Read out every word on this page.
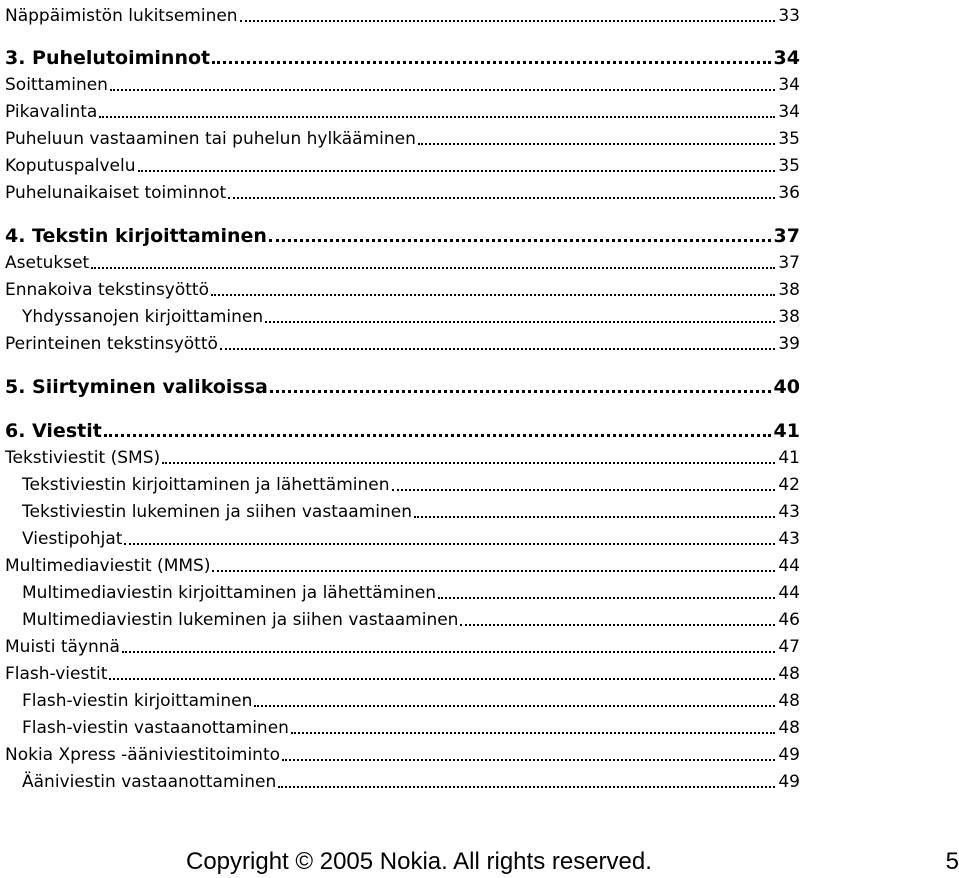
Näppäimistön lukitseminen	33
3. Puhelutoiminnot	34
Soittaminen	34
Pikavalinta	34
Puheluun vastaaminen tai puhelun hylkääminen	35
Koputuspalvelu	35
Puhelunaikaiset toiminnot	36
4. Tekstin kirjoittaminen	37
Asetukset	37
Ennakoiva tekstinsyöttö	38
Yhdyssanojen kirjoittaminen	38
Perinteinen tekstinsyöttö	39
5. Siirtyminen valikoissa	40
6. Viestit	41
Tekstiviestit (SMS)	41
Tekstiviestin kirjoittaminen ja lähettäminen	42
Tekstiviestin lukeminen ja siihen vastaaminen	43
Viestipohjat	43
Multimediaviestit (MMS)	44
Multimediaviestin kirjoittaminen ja lähettäminen	44
Multimediaviestin lukeminen ja siihen vastaaminen	46
Muisti täynnä	47
Flash-viestit	48
Flash-viestin kirjoittaminen	48
Flash-viestin vastaanottaminen	48
Nokia Xpress -ääniviestitoiminto	49
Ääniviestin vastaanottaminen	49
Copyright © 2005 Nokia. All rights reserved.	5
